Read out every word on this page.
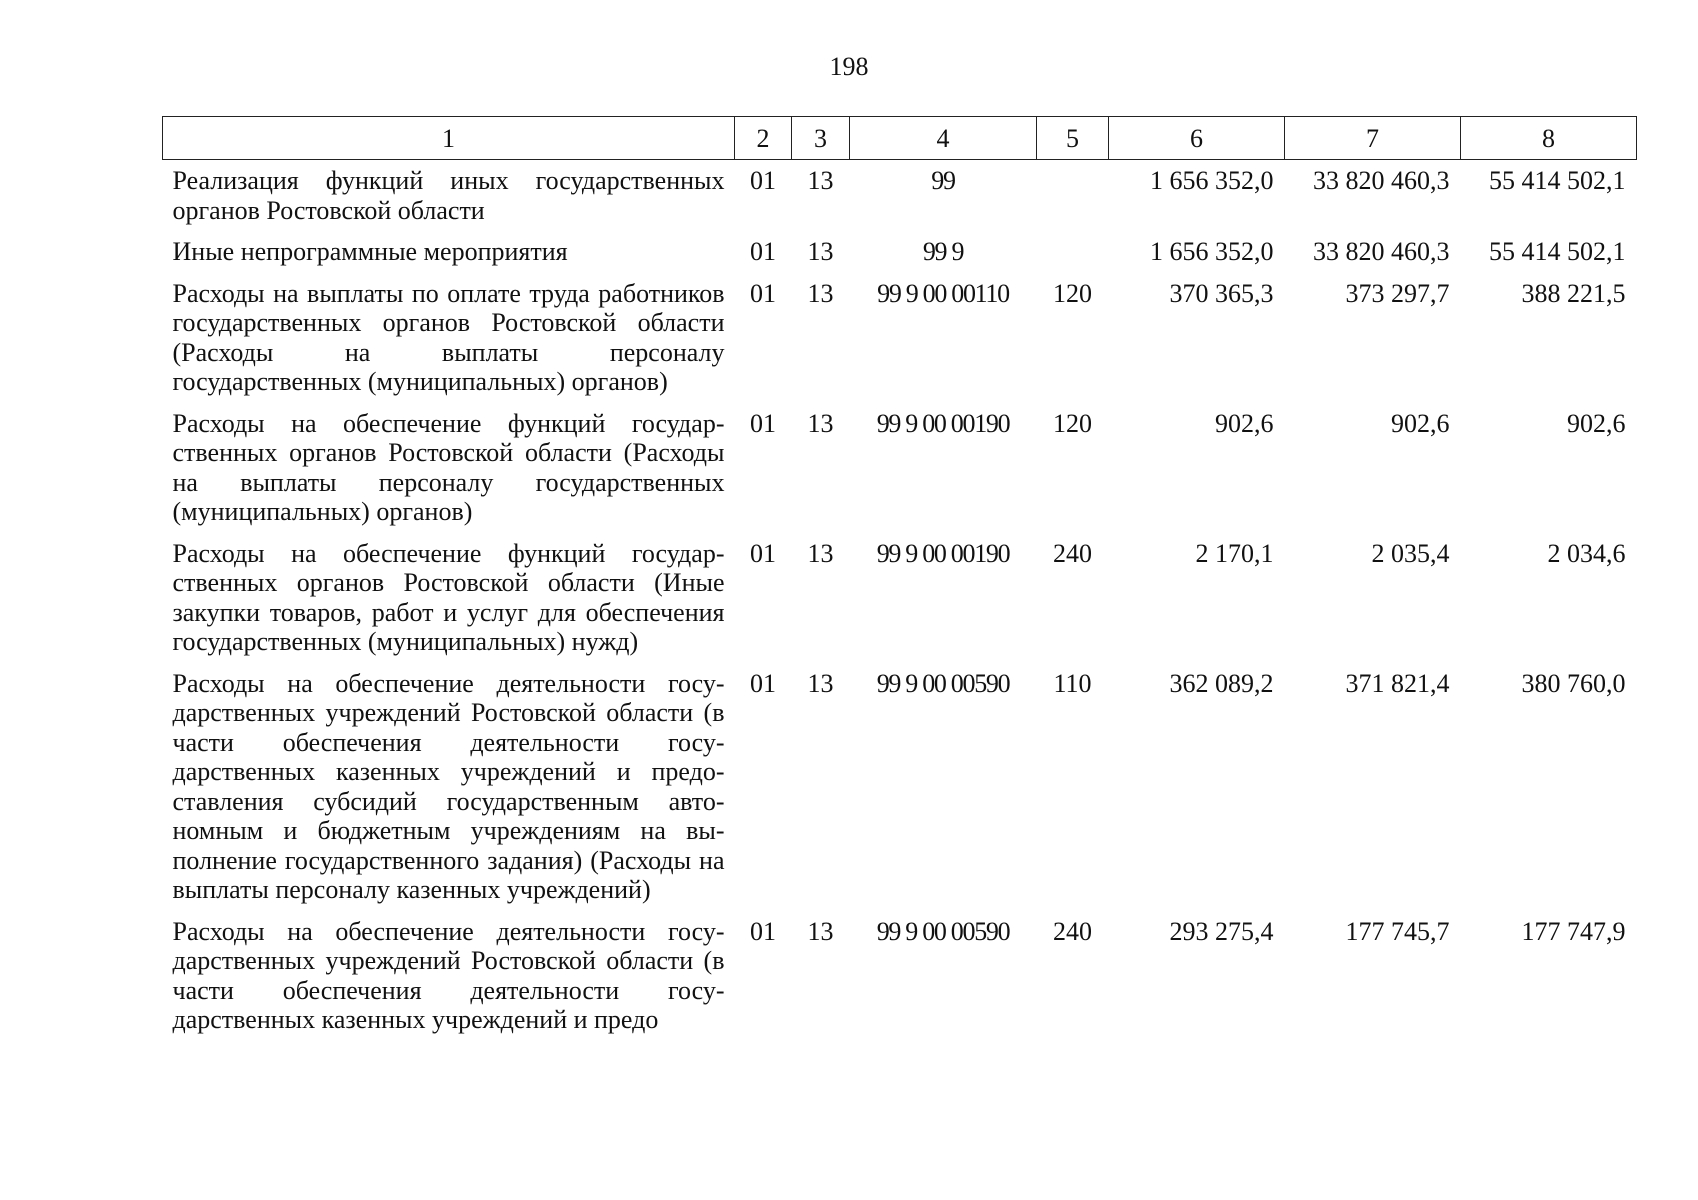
198
1	2	3	4	5	6	7	8
Реализация функций иных государственных органов Ростовской области	01	13	99		1 656 352,0	33 820 460,3	55 414 502,1
Иные непрограммные мероприятия	01	13	99 9		1 656 352,0	33 820 460,3	55 414 502,1
Расходы на выплаты по оплате труда работников государственных органов Ростовской области (Расходы на выплаты персоналу государственных (муниципальных) органов)	01	13	99 9 00 00110	120	370 365,3	373 297,7	388 221,5
Расходы на обеспечение функций государственных органов Ростовской области (Расходы на выплаты персоналу государственных (муниципальных) органов)	01	13	99 9 00 00190	120	902,6	902,6	902,6
Расходы на обеспечение функций государственных органов Ростовской области (Иные закупки товаров, работ и услуг для обеспечения государственных (муниципальных) нужд)	01	13	99 9 00 00190	240	2 170,1	2 035,4	2 034,6
Расходы на обеспечение деятельности государственных учреждений Ростовской области (в части обеспечения деятельности государственных казенных учреждений и предоставления субсидий государственным автономным и бюджетным учреждениям на выполнение государственного задания) (Расходы на выплаты персоналу казенных учреждений)	01	13	99 9 00 00590	110	362 089,2	371 821,4	380 760,0
Расходы на обеспечение деятельности государственных учреждений Ростовской области (в части обеспечения деятельности государственных казенных учреждений и предо	01	13	99 9 00 00590	240	293 275,4	177 745,7	177 747,9
